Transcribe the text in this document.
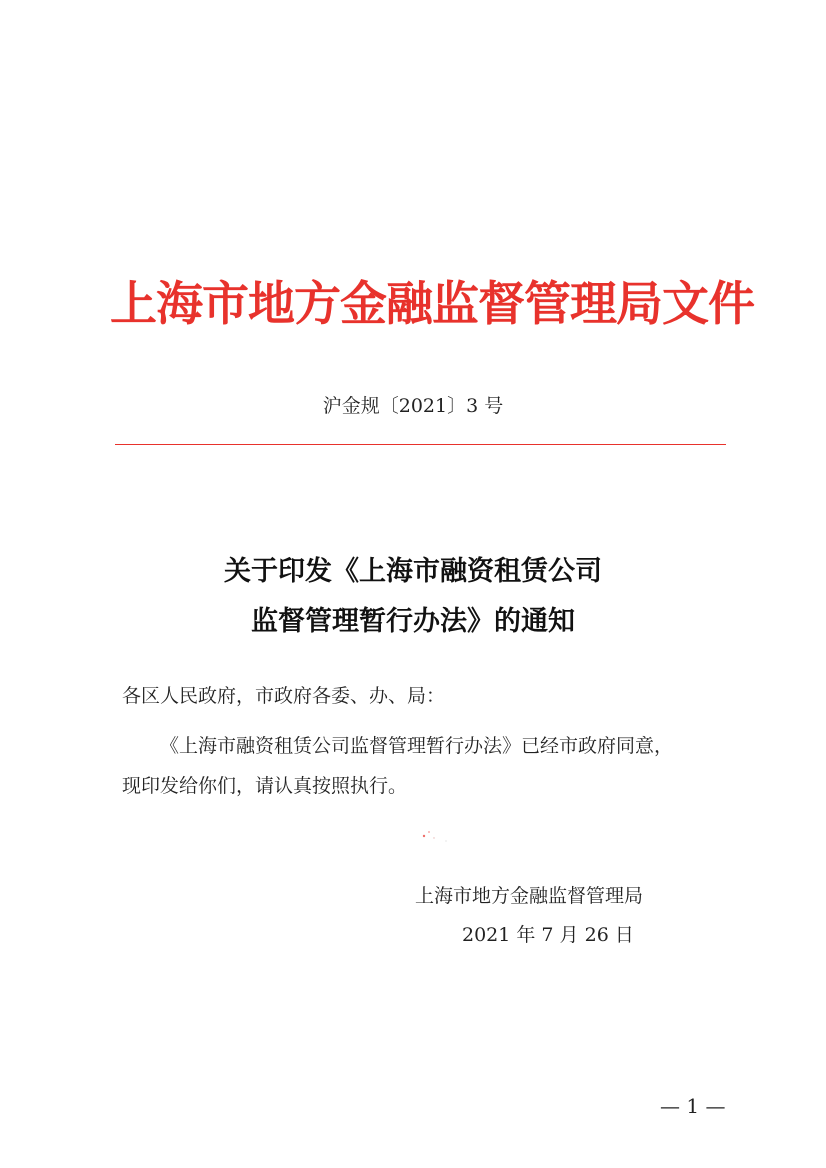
上海市地方金融监督管理局文件
沪金规〔2021〕3 号
关于印发《上海市融资租赁公司
监督管理暂行办法》的通知
各区人民政府，市政府各委、办、局：
《上海市融资租赁公司监督管理暂行办法》已经市政府同意，
现印发给你们，请认真按照执行。
上海市地方金融监督管理局
2021 年 7 月 26 日
— 1 —
